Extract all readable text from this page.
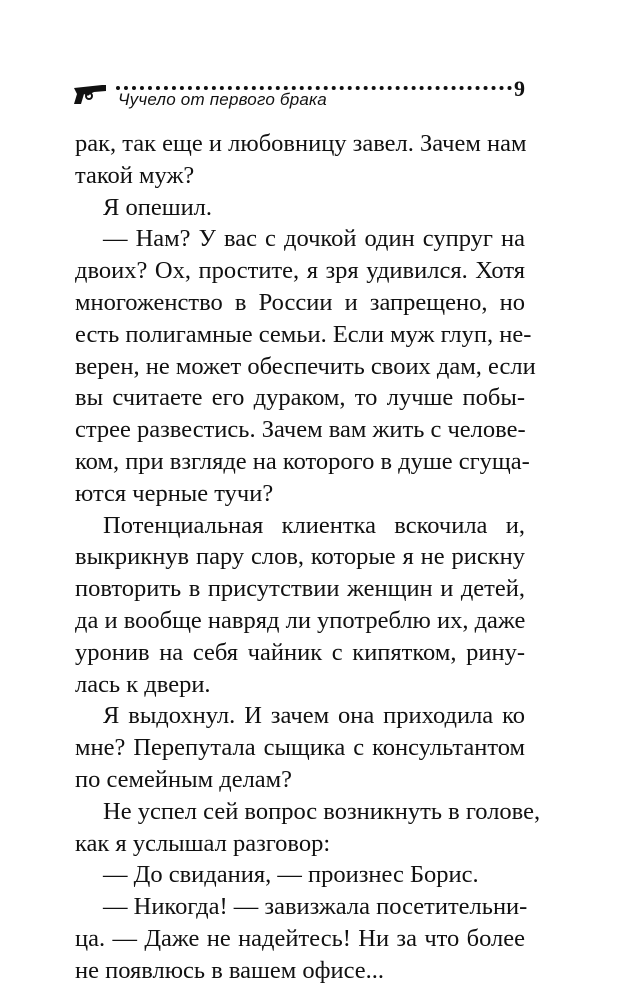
Чучело от первого брака	9
рак, так еще и любовницу завел. Зачем нам
такой муж?
Я опешил.
— Нам? У вас с дочкой один супруг на
двоих? Ох, простите, я зря удивился. Хотя
многоженство в России и запрещено, но
есть полигамные семьи. Если муж глуп, не-
верен, не может обеспечить своих дам, если
вы считаете его дураком, то лучше побы-
стрее развестись. Зачем вам жить с челове-
ком, при взгляде на которого в душе сгуща-
ются черные тучи?
Потенциальная клиентка вскочила и,
выкрикнув пару слов, которые я не рискну
повторить в присутствии женщин и детей,
да и вообще навряд ли употреблю их, даже
уронив на себя чайник с кипятком, ринy-
лась к двери.
Я выдохнул. И зачем она приходила ко
мне? Перепутала сыщика с консультантом
по семейным делам?
Не успел сей вопрос возникнуть в голове,
как я услышал разговор:
— До свидания, — произнес Борис.
— Никогда! — завизжала посетительни-
ца. — Даже не надейтесь! Ни за что более
не появлюсь в вашем офисе...
